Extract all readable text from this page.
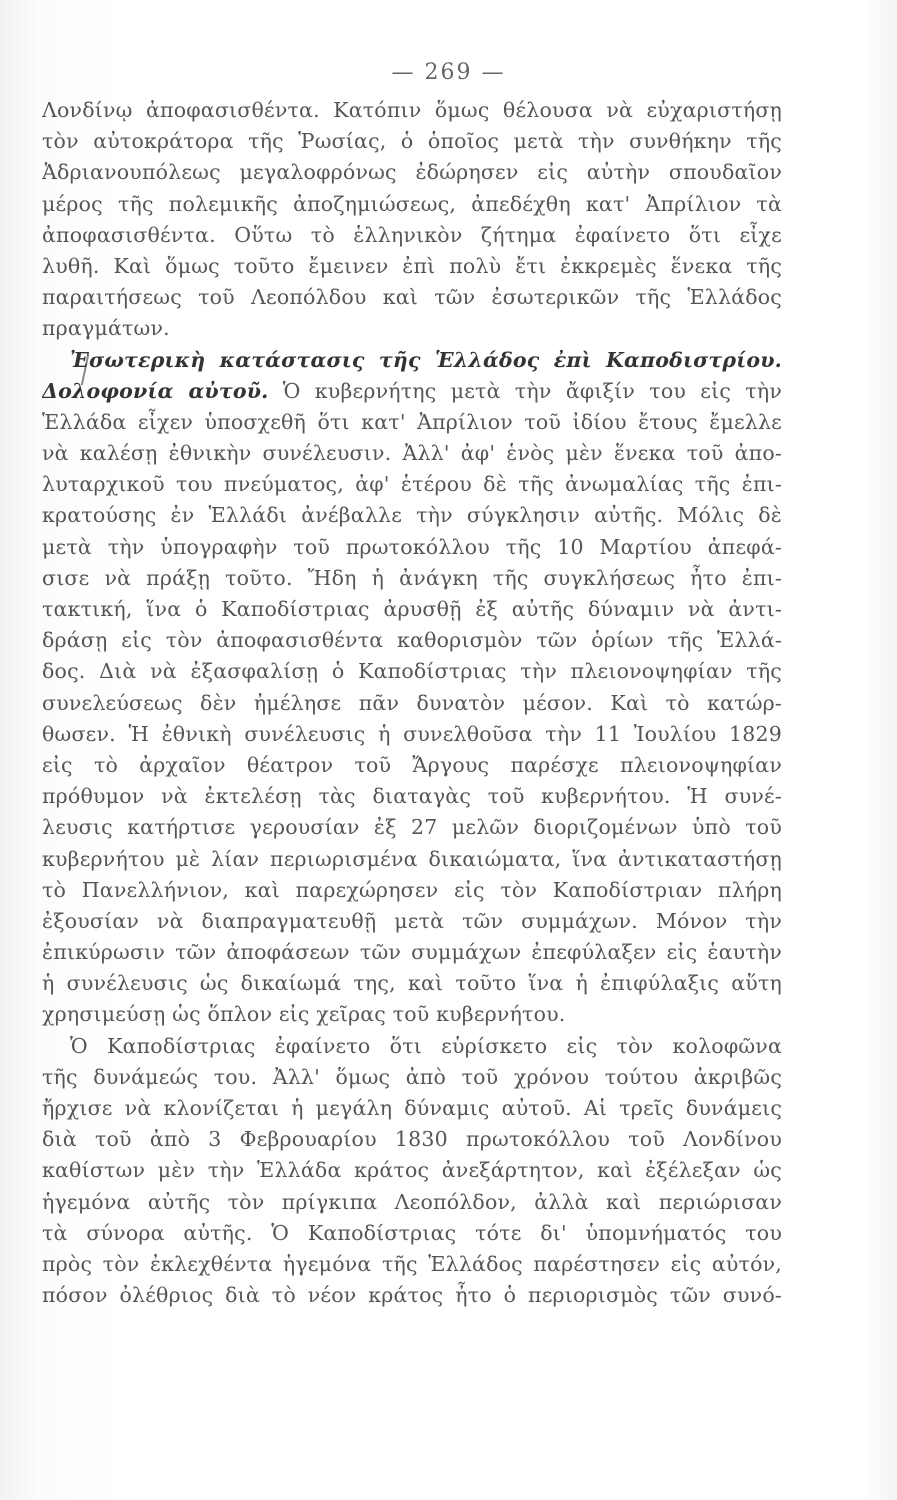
— 269 —
Λονδίνῳ ἀποφασισθέντα. Κατόπιν ὅμως θέλουσα νὰ εὐχαριστήσῃ
τὸν αὐτοκράτορα τῆς Ῥωσίας, ὁ ὁποῖος μετὰ τὴν συνθήκην τῆς
Ἀδριανουπόλεως μεγαλοφρόνως ἐδώρησεν εἰς αὐτὴν σπουδαῖον
μέρος τῆς πολεμικῆς ἀποζημιώσεως, ἀπεδέχθη κατ' Ἀπρίλιον τὰ
ἀποφασισθέντα. Οὕτω τὸ ἑλληνικὸν ζήτημα ἐφαίνετο ὅτι εἶχε
λυθῆ. Καὶ ὅμως τοῦτο ἔμεινεν ἐπὶ πολὺ ἔτι ἐκκρεμὲς ἕνεκα τῆς
παραιτήσεως τοῦ Λεοπόλδου καὶ τῶν ἐσωτερικῶν τῆς Ἑλλάδος
πραγμάτων.
Ἐσωτερικὴ κατάστασις τῆς Ἑλλάδος ἐπὶ Καποδιστρίου.
Δολοφονία αὐτοῦ. Ὁ κυβερνήτης μετὰ τὴν ἄφιξίν του εἰς τὴν
Ἑλλάδα εἶχεν ὑποσχεθῆ ὅτι κατ' Ἀπρίλιον τοῦ ἰδίου ἔτους ἔμελλε
νὰ καλέσῃ ἐθνικὴν συνέλευσιν. Ἀλλ' ἀφ' ἑνὸς μὲν ἕνεκα τοῦ ἀπο-
λυταρχικοῦ του πνεύματος, ἀφ' ἑτέρου δὲ τῆς ἀνωμαλίας τῆς ἐπι-
κρατούσης ἐν Ἑλλάδι ἀνέβαλλε τὴν σύγκλησιν αὐτῆς. Μόλις δὲ
μετὰ τὴν ὑπογραφὴν τοῦ πρωτοκόλλου τῆς 10 Μαρτίου ἀπεφά-
σισε νὰ πράξῃ τοῦτο. Ἤδη ἡ ἀνάγκη τῆς συγκλήσεως ἦτο ἐπι-
τακτική, ἵνα ὁ Καποδίστριας ἀρυσθῇ ἐξ αὐτῆς δύναμιν νὰ ἀντι-
δράσῃ εἰς τὸν ἀποφασισθέντα καθορισμὸν τῶν ὁρίων τῆς Ἑλλά-
δος. Διὰ νὰ ἐξασφαλίσῃ ὁ Καποδίστριας τὴν πλειονοψηφίαν τῆς
συνελεύσεως δὲν ἠμέλησε πᾶν δυνατὸν μέσον. Καὶ τὸ κατώρ-
θωσεν. Ἡ ἐθνικὴ συνέλευσις ἡ συνελθοῦσα τὴν 11 Ἰουλίου 1829
εἰς τὸ ἀρχαῖον θέατρον τοῦ Ἄργους παρέσχε πλειονοψηφίαν
πρόθυμον νὰ ἐκτελέσῃ τὰς διαταγὰς τοῦ κυβερνήτου. Ἡ συνέ-
λευσις κατήρτισε γερουσίαν ἐξ 27 μελῶν διοριζομένων ὑπὸ τοῦ
κυβερνήτου μὲ λίαν περιωρισμένα δικαιώματα, ἵνα ἀντικαταστήσῃ
τὸ Πανελλήνιον, καὶ παρεχώρησεν εἰς τὸν Καποδίστριαν πλήρη
ἐξουσίαν νὰ διαπραγματευθῇ μετὰ τῶν συμμάχων. Μόνον τὴν
ἐπικύρωσιν τῶν ἀποφάσεων τῶν συμμάχων ἐπεφύλαξεν εἰς ἑαυτὴν
ἡ συνέλευσις ὡς δικαίωμά της, καὶ τοῦτο ἵνα ἡ ἐπιφύλαξις αὕτη
χρησιμεύσῃ ὡς ὅπλον εἰς χεῖρας τοῦ κυβερνήτου.
Ὁ Καποδίστριας ἐφαίνετο ὅτι εὑρίσκετο εἰς τὸν κολοφῶνα
τῆς δυνάμεώς του. Ἀλλ' ὅμως ἀπὸ τοῦ χρόνου τούτου ἀκριβῶς
ἤρχισε νὰ κλονίζεται ἡ μεγάλη δύναμις αὐτοῦ. Αἱ τρεῖς δυνάμεις
διὰ τοῦ ἀπὸ 3 Φεβρουαρίου 1830 πρωτοκόλλου τοῦ Λονδίνου
καθίστων μὲν τὴν Ἑλλάδα κράτος ἀνεξάρτητον, καὶ ἐξέλεξαν ὡς
ἡγεμόνα αὐτῆς τὸν πρίγκιπα Λεοπόλδον, ἀλλὰ καὶ περιώρισαν
τὰ σύνορα αὐτῆς. Ὁ Καποδίστριας τότε δι' ὑπομνήματός του
πρὸς τὸν ἐκλεχθέντα ἡγεμόνα τῆς Ἑλλάδος παρέστησεν εἰς αὐτόν,
πόσον ὀλέθριος διὰ τὸ νέον κράτος ἦτο ὁ περιορισμὸς τῶν συνό-
